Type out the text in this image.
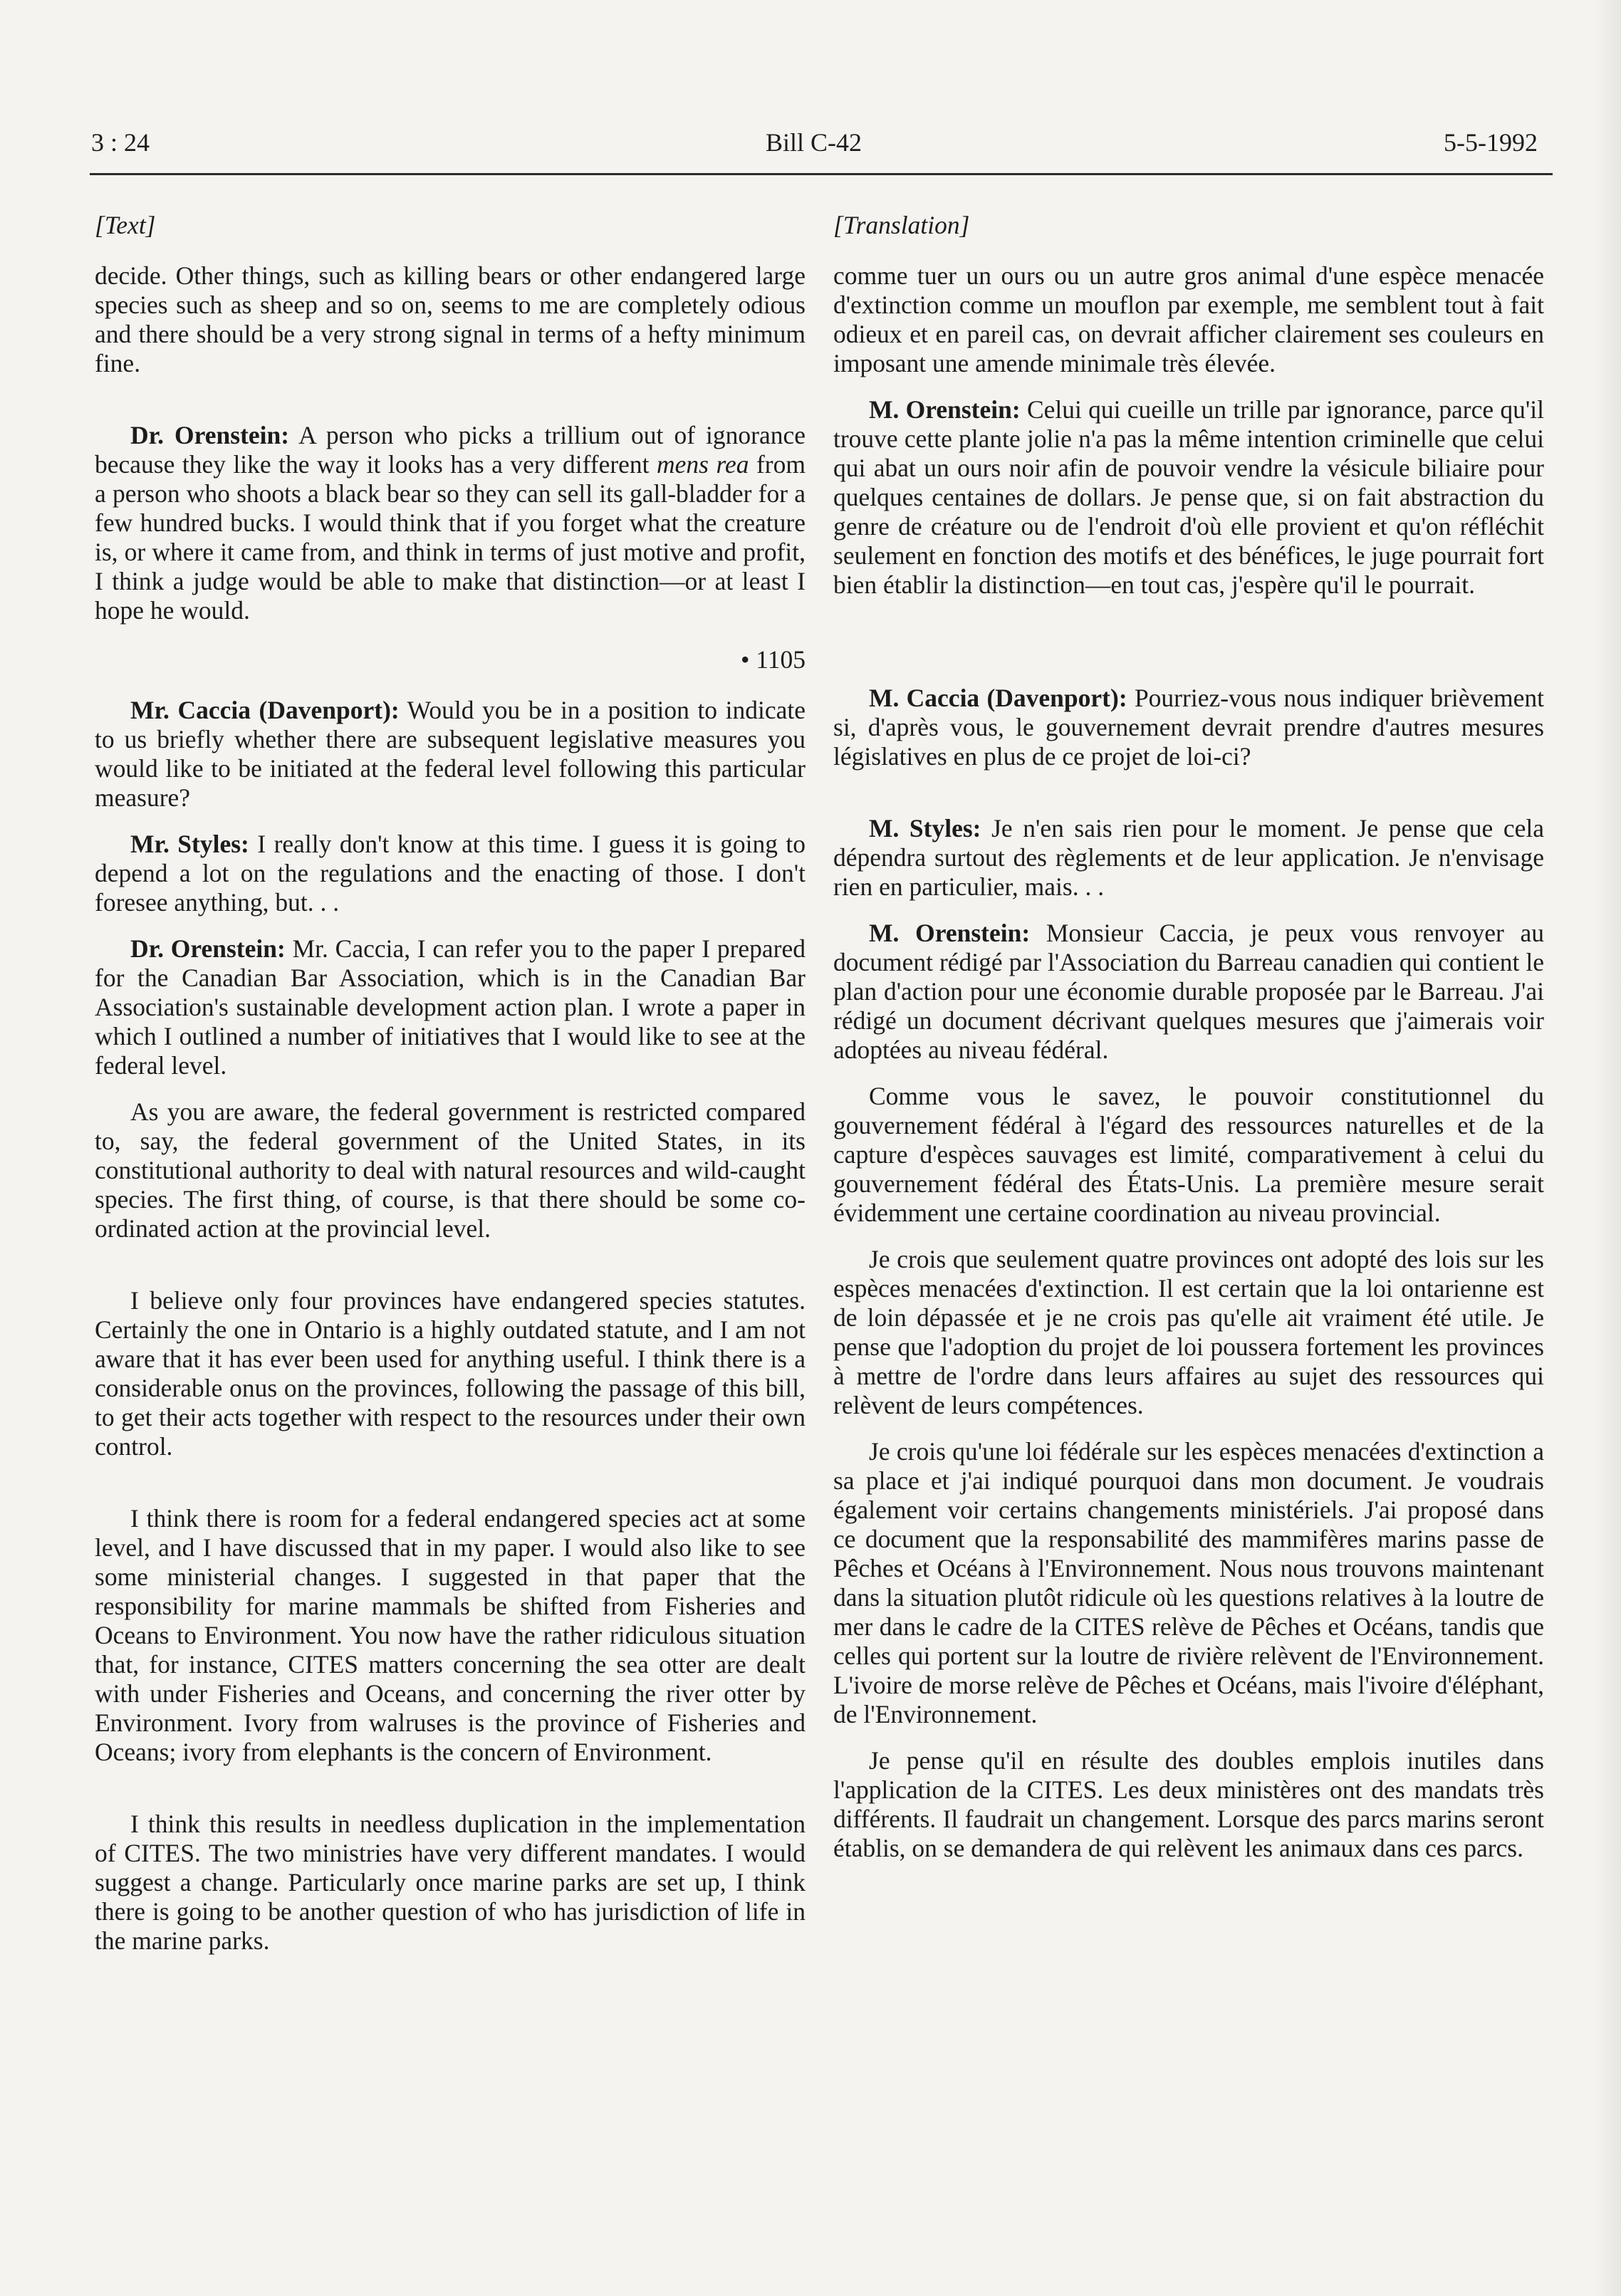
3 : 24	Bill C-42	5-5-1992

[Text]

decide. Other things, such as killing bears or other endangered large species such as sheep and so on, seems to me are completely odious and there should be a very strong signal in terms of a hefty minimum fine.

Dr. Orenstein: A person who picks a trillium out of ignorance because they like the way it looks has a very different mens rea from a person who shoots a black bear so they can sell its gall-bladder for a few hundred bucks. I would think that if you forget what the creature is, or where it came from, and think in terms of just motive and profit, I think a judge would be able to make that distinction—or at least I hope he would.

• 1105

Mr. Caccia (Davenport): Would you be in a position to indicate to us briefly whether there are subsequent legislative measures you would like to be initiated at the federal level following this particular measure?

Mr. Styles: I really don't know at this time. I guess it is going to depend a lot on the regulations and the enacting of those. I don't foresee anything, but. . .

Dr. Orenstein: Mr. Caccia, I can refer you to the paper I prepared for the Canadian Bar Association, which is in the Canadian Bar Association's sustainable development action plan. I wrote a paper in which I outlined a number of initiatives that I would like to see at the federal level.

As you are aware, the federal government is restricted compared to, say, the federal government of the United States, in its constitutional authority to deal with natural resources and wild-caught species. The first thing, of course, is that there should be some co-ordinated action at the provincial level.

I believe only four provinces have endangered species statutes. Certainly the one in Ontario is a highly outdated statute, and I am not aware that it has ever been used for anything useful. I think there is a considerable onus on the provinces, following the passage of this bill, to get their acts together with respect to the resources under their own control.

I think there is room for a federal endangered species act at some level, and I have discussed that in my paper. I would also like to see some ministerial changes. I suggested in that paper that the responsibility for marine mammals be shifted from Fisheries and Oceans to Environment. You now have the rather ridiculous situation that, for instance, CITES matters concerning the sea otter are dealt with under Fisheries and Oceans, and concerning the river otter by Environment. Ivory from walruses is the province of Fisheries and Oceans; ivory from elephants is the concern of Environment.

I think this results in needless duplication in the implementation of CITES. The two ministries have very different mandates. I would suggest a change. Particularly once marine parks are set up, I think there is going to be another question of who has jurisdiction of life in the marine parks.

[Translation]

comme tuer un ours ou un autre gros animal d'une espèce menacée d'extinction comme un mouflon par exemple, me semblent tout à fait odieux et en pareil cas, on devrait afficher clairement ses couleurs en imposant une amende minimale très élevée.

M. Orenstein: Celui qui cueille un trille par ignorance, parce qu'il trouve cette plante jolie n'a pas la même intention criminelle que celui qui abat un ours noir afin de pouvoir vendre la vésicule biliaire pour quelques centaines de dollars. Je pense que, si on fait abstraction du genre de créature ou de l'endroit d'où elle provient et qu'on réfléchit seulement en fonction des motifs et des bénéfices, le juge pourrait fort bien établir la distinction—en tout cas, j'espère qu'il le pourrait.

M. Caccia (Davenport): Pourriez-vous nous indiquer brièvement si, d'après vous, le gouvernement devrait prendre d'autres mesures législatives en plus de ce projet de loi-ci?

M. Styles: Je n'en sais rien pour le moment. Je pense que cela dépendra surtout des règlements et de leur application. Je n'envisage rien en particulier, mais. . .

M. Orenstein: Monsieur Caccia, je peux vous renvoyer au document rédigé par l'Association du Barreau canadien qui contient le plan d'action pour une économie durable proposée par le Barreau. J'ai rédigé un document décrivant quelques mesures que j'aimerais voir adoptées au niveau fédéral.

Comme vous le savez, le pouvoir constitutionnel du gouvernement fédéral à l'égard des ressources naturelles et de la capture d'espèces sauvages est limité, comparativement à celui du gouvernement fédéral des États-Unis. La première mesure serait évidemment une certaine coordination au niveau provincial.

Je crois que seulement quatre provinces ont adopté des lois sur les espèces menacées d'extinction. Il est certain que la loi ontarienne est de loin dépassée et je ne crois pas qu'elle ait vraiment été utile. Je pense que l'adoption du projet de loi poussera fortement les provinces à mettre de l'ordre dans leurs affaires au sujet des ressources qui relèvent de leurs compétences.

Je crois qu'une loi fédérale sur les espèces menacées d'extinction a sa place et j'ai indiqué pourquoi dans mon document. Je voudrais également voir certains changements ministériels. J'ai proposé dans ce document que la responsabilité des mammifères marins passe de Pêches et Océans à l'Environnement. Nous nous trouvons maintenant dans la situation plutôt ridicule où les questions relatives à la loutre de mer dans le cadre de la CITES relève de Pêches et Océans, tandis que celles qui portent sur la loutre de rivière relèvent de l'Environnement. L'ivoire de morse relève de Pêches et Océans, mais l'ivoire d'éléphant, de l'Environnement.

Je pense qu'il en résulte des doubles emplois inutiles dans l'application de la CITES. Les deux ministères ont des mandats très différents. Il faudrait un changement. Lorsque des parcs marins seront établis, on se demandera de qui relèvent les animaux dans ces parcs.
